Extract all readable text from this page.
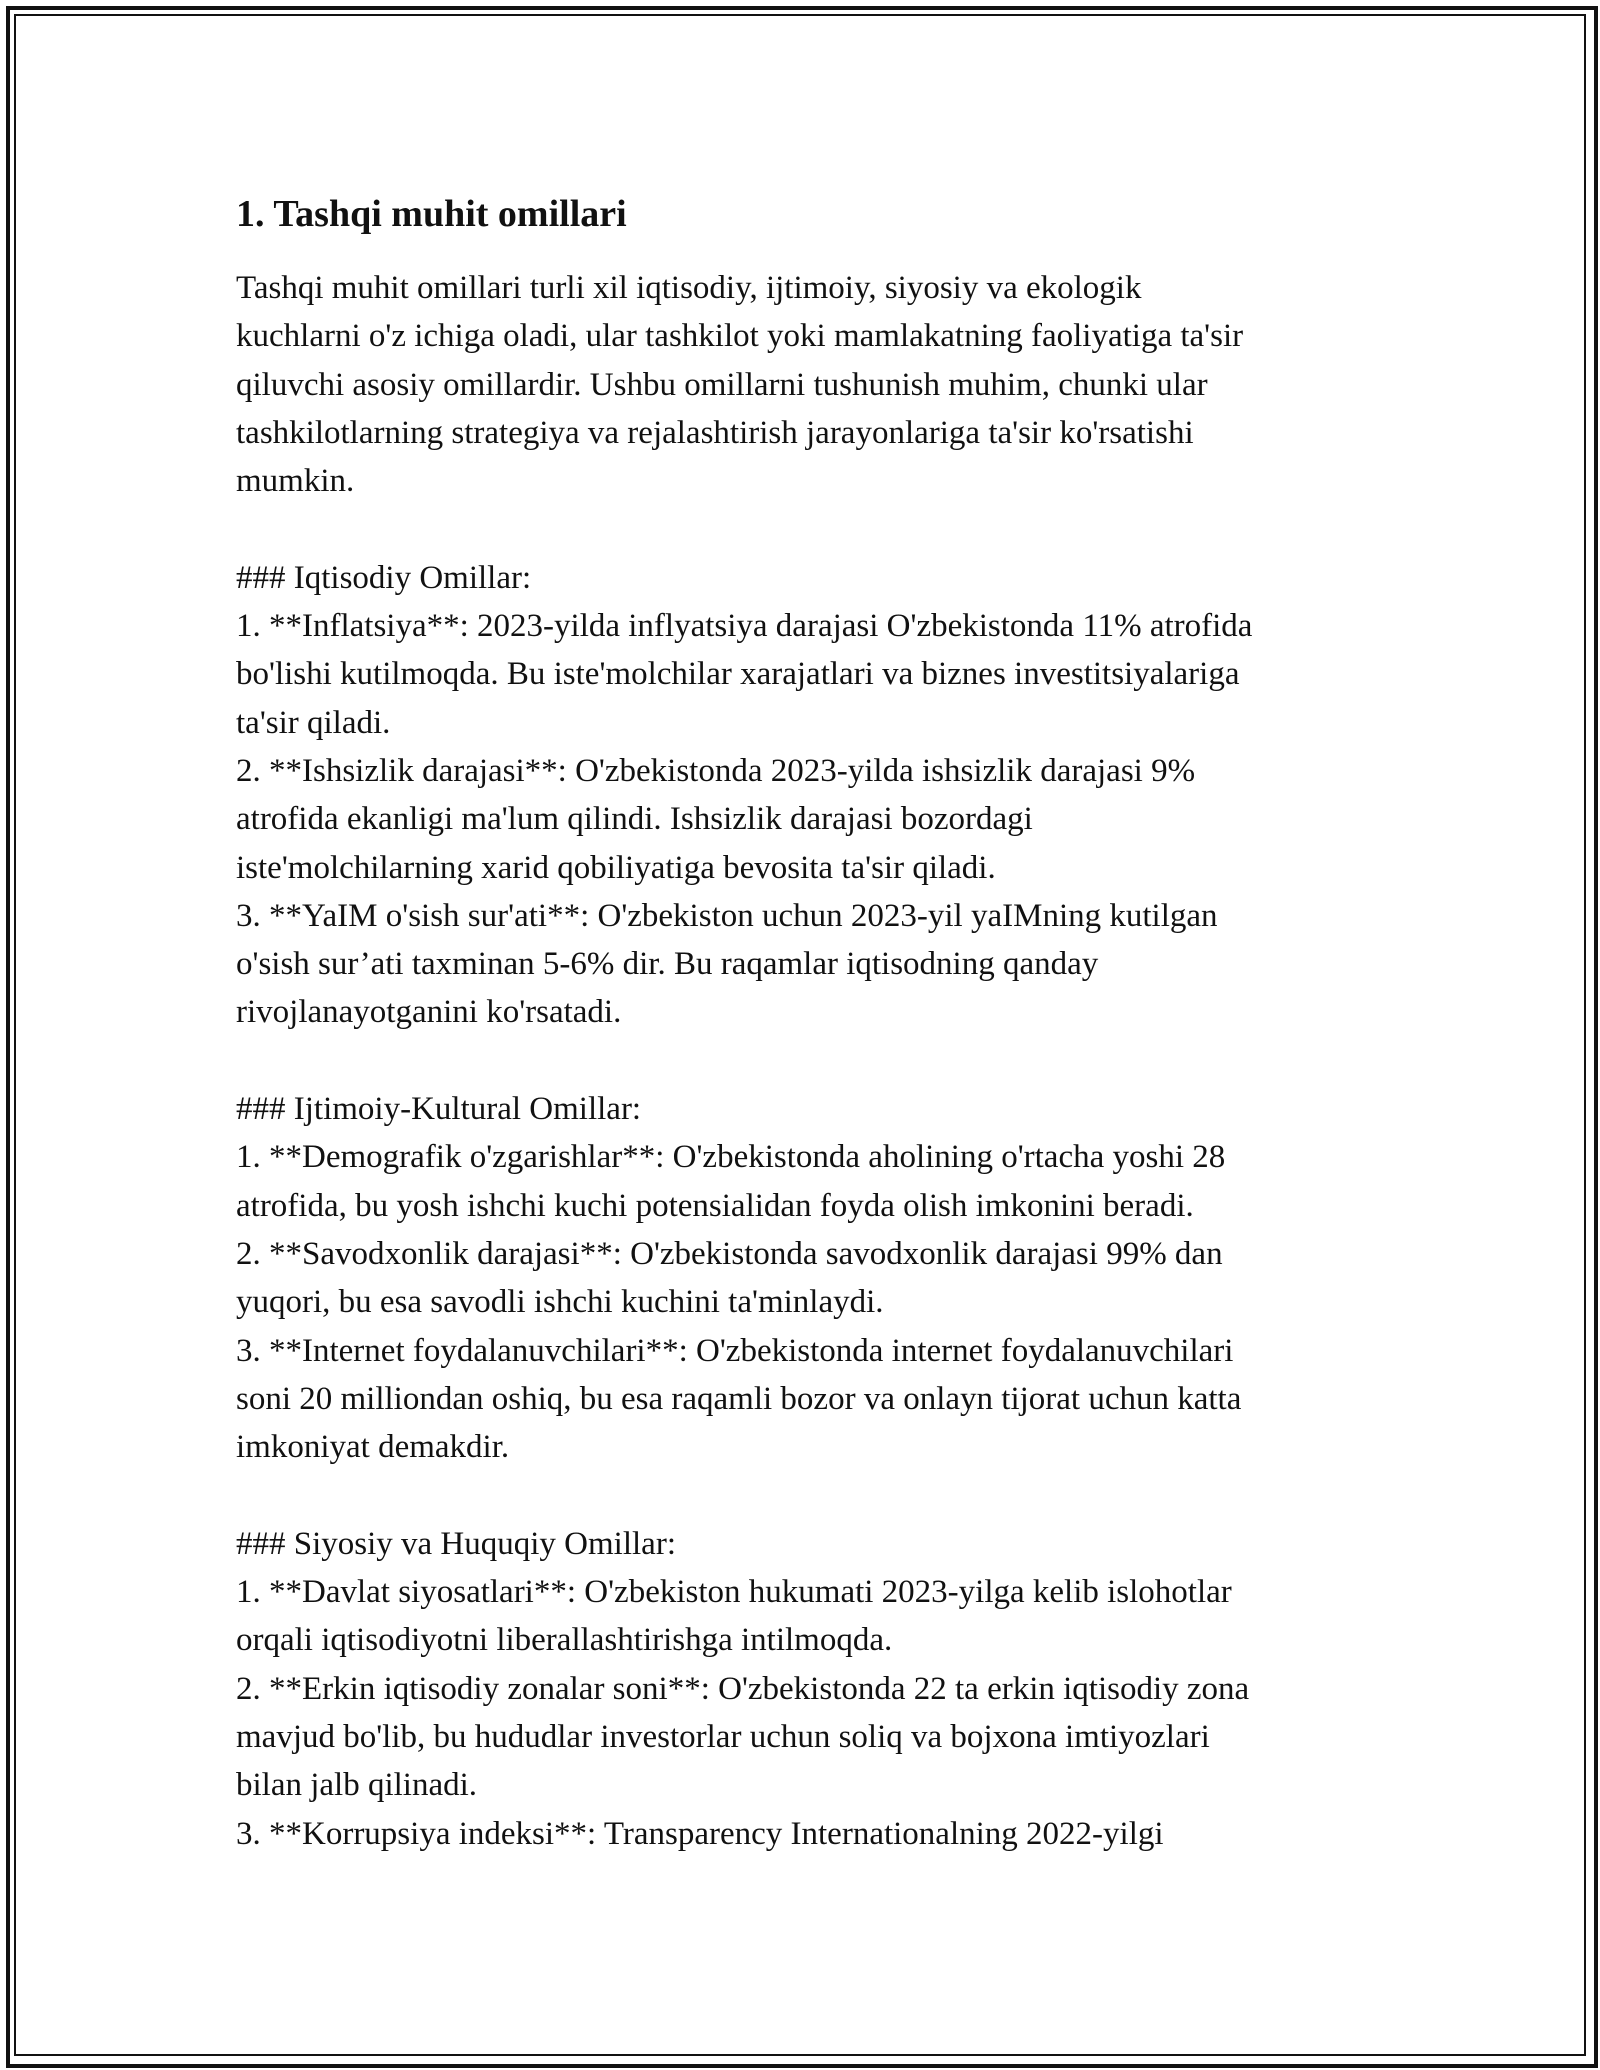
1. Tashqi muhit omillari
Tashqi muhit omillari turli xil iqtisodiy, ijtimoiy, siyosiy va ekologik
kuchlarni o'z ichiga oladi, ular tashkilot yoki mamlakatning faoliyatiga ta'sir
qiluvchi asosiy omillardir. Ushbu omillarni tushunish muhim, chunki ular
tashkilotlarning strategiya va rejalashtirish jarayonlariga ta'sir ko'rsatishi
mumkin.
### Iqtisodiy Omillar:
1. **Inflatsiya**: 2023-yilda inflyatsiya darajasi O'zbekistonda 11% atrofida
bo'lishi kutilmoqda. Bu iste'molchilar xarajatlari va biznes investitsiyalariga
ta'sir qiladi.
2. **Ishsizlik darajasi**: O'zbekistonda 2023-yilda ishsizlik darajasi 9%
atrofida ekanligi ma'lum qilindi. Ishsizlik darajasi bozordagi
iste'molchilarning xarid qobiliyatiga bevosita ta'sir qiladi.
3. **YaIM o'sish sur'ati**: O'zbekiston uchun 2023-yil yaIMning kutilgan
o'sish sur’ati taxminan 5-6% dir. Bu raqamlar iqtisodning qanday
rivojlanayotganini ko'rsatadi.
### Ijtimoiy-Kultural Omillar:
1. **Demografik o'zgarishlar**: O'zbekistonda aholining o'rtacha yoshi 28
atrofida, bu yosh ishchi kuchi potensialidan foyda olish imkonini beradi.
2. **Savodxonlik darajasi**: O'zbekistonda savodxonlik darajasi 99% dan
yuqori, bu esa savodli ishchi kuchini ta'minlaydi.
3. **Internet foydalanuvchilari**: O'zbekistonda internet foydalanuvchilari
soni 20 milliondan oshiq, bu esa raqamli bozor va onlayn tijorat uchun katta
imkoniyat demakdir.
### Siyosiy va Huquqiy Omillar:
1. **Davlat siyosatlari**: O'zbekiston hukumati 2023-yilga kelib islohotlar
orqali iqtisodiyotni liberallashtirishga intilmoqda.
2. **Erkin iqtisodiy zonalar soni**: O'zbekistonda 22 ta erkin iqtisodiy zona
mavjud bo'lib, bu hududlar investorlar uchun soliq va bojxona imtiyozlari
bilan jalb qilinadi.
3. **Korrupsiya indeksi**: Transparency Internationalning 2022-yilgi
